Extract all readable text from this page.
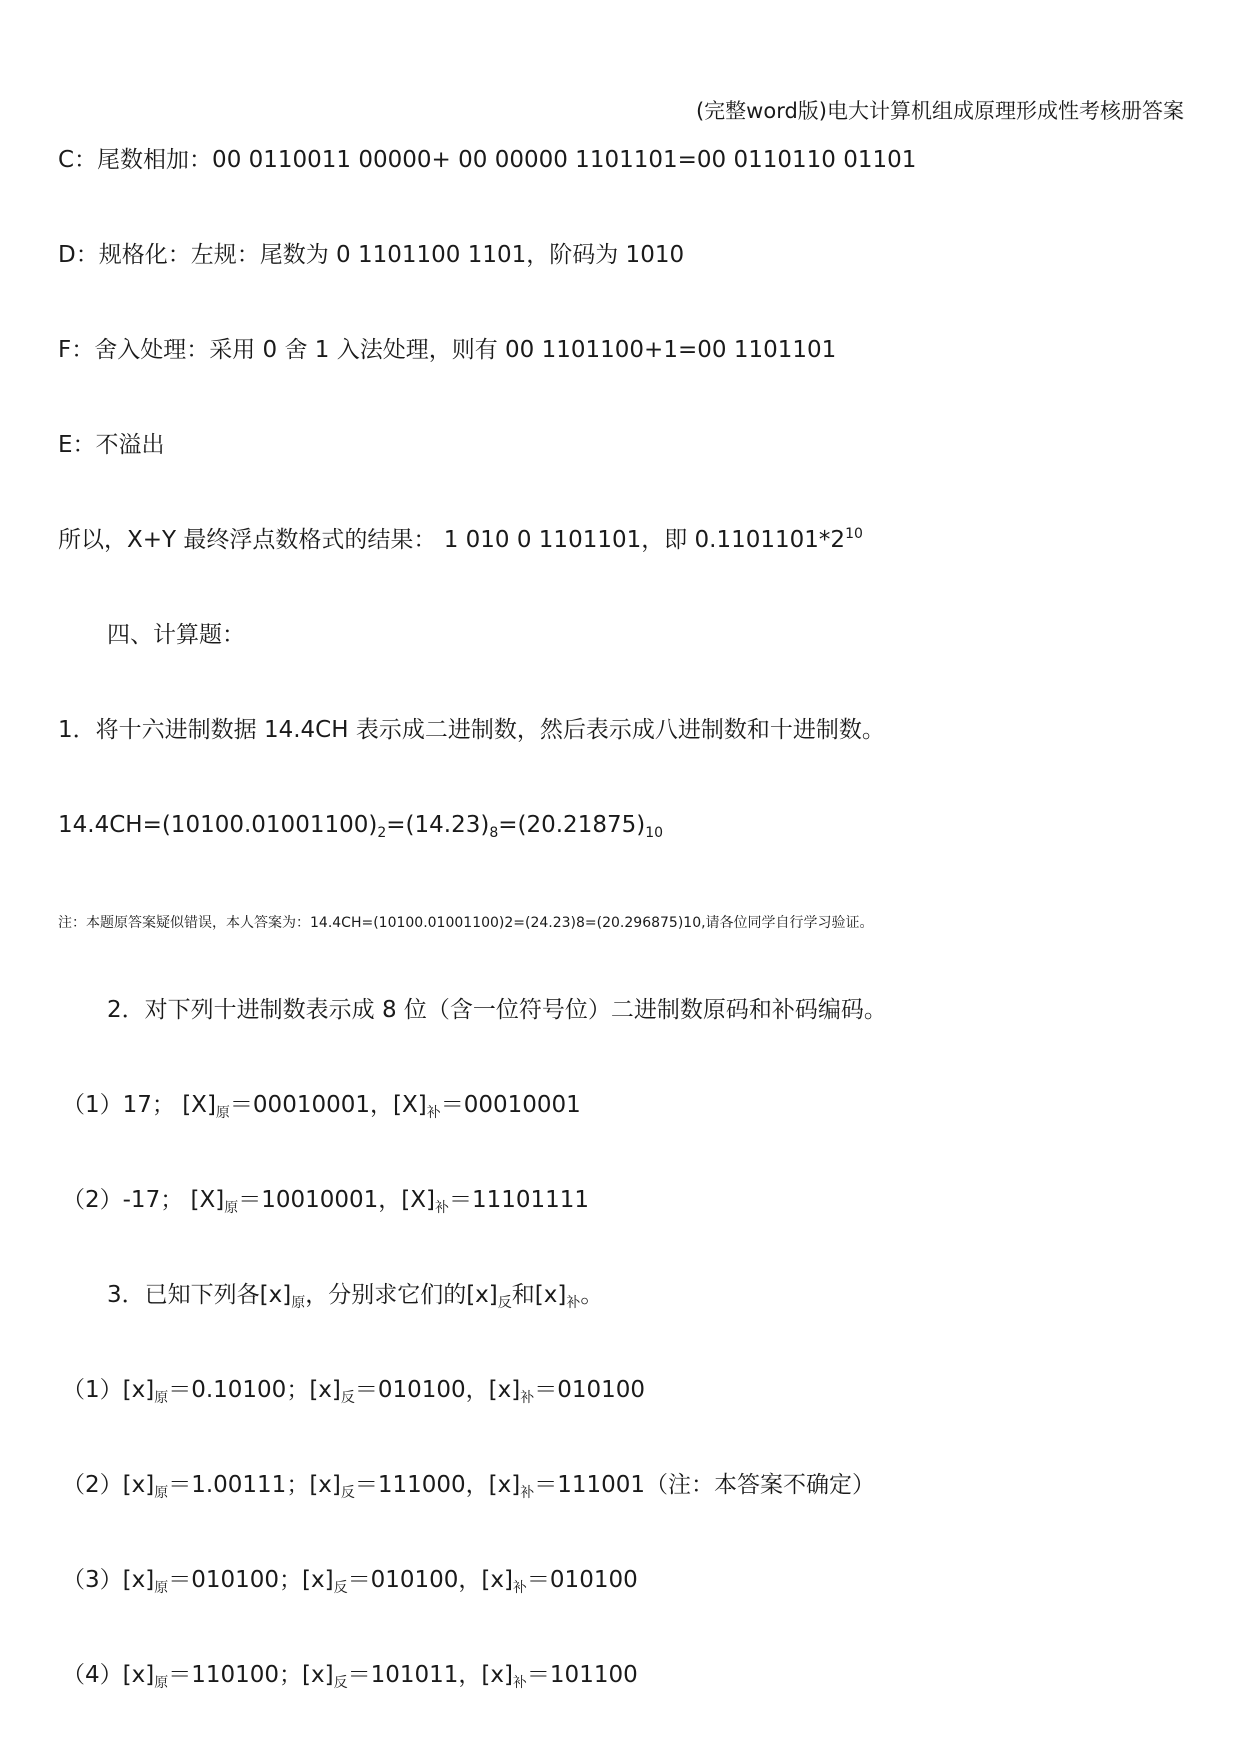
(完整word版)电大计算机组成原理形成性考核册答案
C：尾数相加：00 0110011 00000+ 00 00000 1101101=00 0110110 01101
D：规格化：左规：尾数为 0 1101100 1101，阶码为 1010
F：舍入处理：采用 0 舍 1 入法处理，则有 00 1101100+1=00 1101101
E：不溢出
所以，X+Y 最终浮点数格式的结果： 1 010 0 1101101，即 $0.1101101*2^{10}$
四、计算题：
1．将十六进制数据 14.4CH 表示成二进制数，然后表示成八进制数和十进制数。
$14.4CH=(10100.01001100)_2=(14.23)_8=(20.21875)_{10}$
注：本题原答案疑似错误，本人答案为：14.4CH=(10100.01001100)2=(24.23)8=(20.296875)10,请各位同学自行学习验证。
2．对下列十进制数表示成 8 位（含一位符号位）二进制数原码和补码编码。
（1）17； $[X]_原=00010001$，$[X]_补=00010001$
（2）-17； $[X]_原=10010001$，$[X]_补=11101111$
3．已知下列各$[x]_原$，分别求它们的$[x]_反$和$[x]_补$。
$(1)[x]_原=0.10100$；$[x]_反=010100$，$[x]_补=010100$
$(2)[x]_原=1.00111$；$[x]_反=111000$，$[x]_补=111001$（注：本答案不确定）
$(3)[x]_原=010100$；$[x]_反=010100$，$[x]_补=010100$
$(4)[x]_原=110100$；$[x]_反=101011$，$[x]_补=101100$
